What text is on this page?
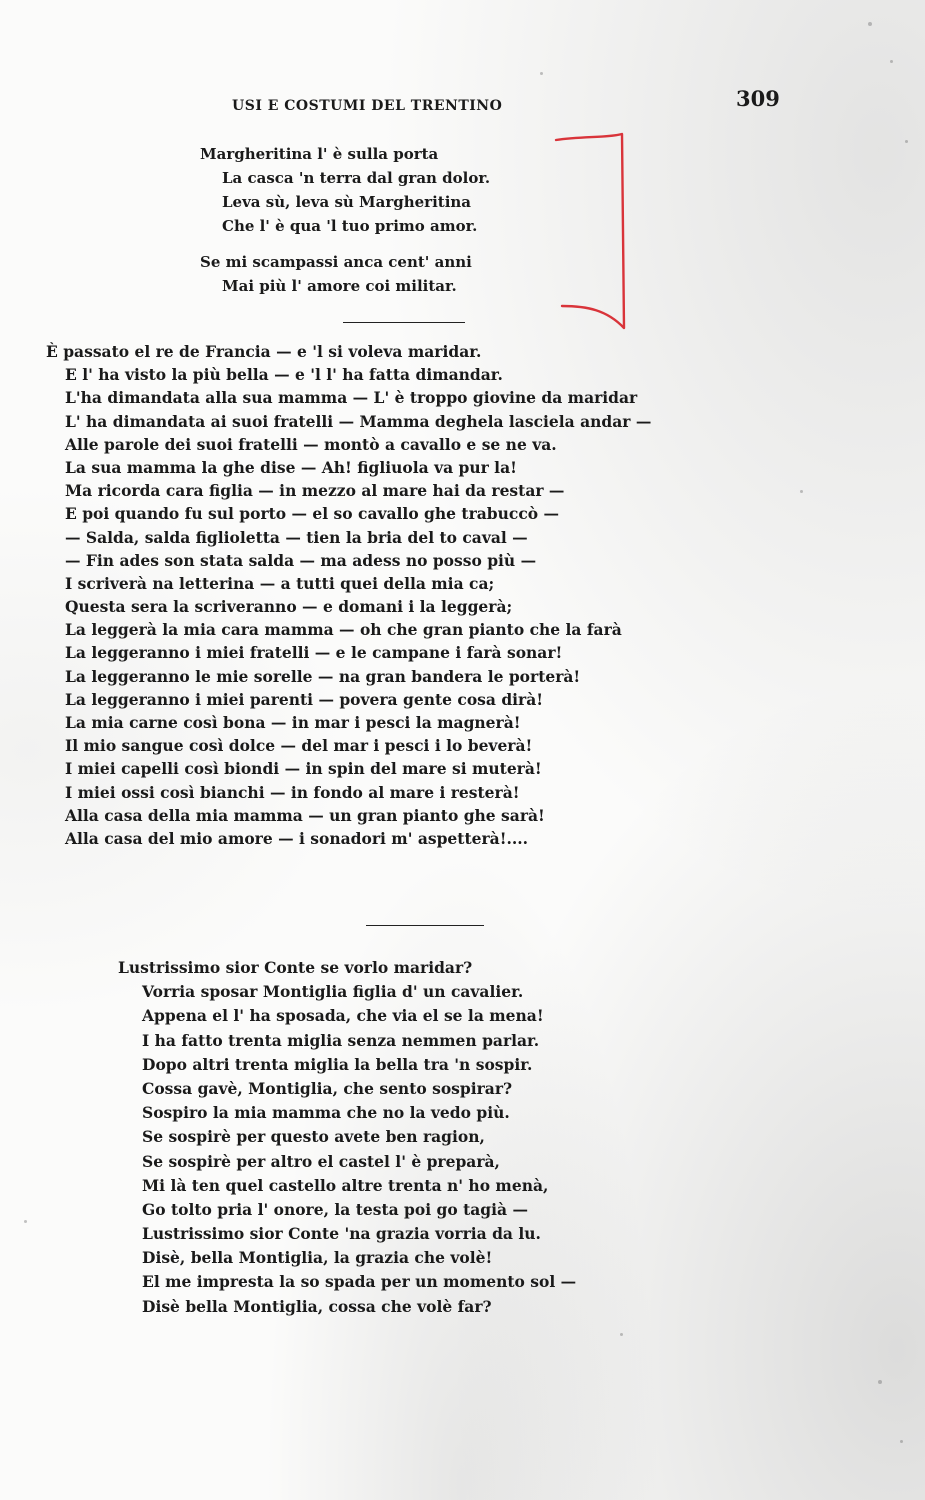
USI E COSTUMI DEL TRENTINO	309
Margheritina l' è sulla porta
La casca 'n terra dal gran dolor.
Leva sù, leva sù Margheritina
Che l' è qua 'l tuo primo amor.
Se mi scampassi anca cent' anni
Mai più l' amore coi militar.
È passato el re de Francia — e 'l si voleva maridar.
E l' ha visto la più bella — e 'l l' ha fatta dimandar.
L'ha dimandata alla sua mamma — L' è troppo giovine da maridar
L' ha dimandata ai suoi fratelli — Mamma deghela lasciela andar —
Alle parole dei suoi fratelli — montò a cavallo e se ne va.
La sua mamma la ghe dise — Ah! figliuola va pur la!
Ma ricorda cara figlia — in mezzo al mare hai da restar —
E poi quando fu sul porto — el so cavallo ghe trabuccò —
— Salda, salda figlioletta — tien la bria del to caval —
— Fin ades son stata salda — ma adess no posso più —
I scriverà na letterina — a tutti quei della mia ca;
Questa sera la scriveranno — e domani i la leggerà;
La leggerà la mia cara mamma — oh che gran pianto che la farà
La leggeranno i miei fratelli — e le campane i farà sonar!
La leggeranno le mie sorelle — na gran bandera le porterà!
La leggeranno i miei parenti — povera gente cosa dirà!
La mia carne così bona — in mar i pesci la magnerà!
Il mio sangue così dolce — del mar i pesci i lo beverà!
I miei capelli così biondi — in spin del mare si muterà!
I miei ossi così bianchi — in fondo al mare i resterà!
Alla casa della mia mamma — un gran pianto ghe sarà!
Alla casa del mio amore — i sonadori m' aspetterà!....
Lustrissimo sior Conte se vorlo maridar?
Vorria sposar Montiglia figlia d' un cavalier.
Appena el l' ha sposada, che via el se la mena!
I ha fatto trenta miglia senza nemmen parlar.
Dopo altri trenta miglia la bella tra 'n sospir.
Cossa gavè, Montiglia, che sento sospirar?
Sospiro la mia mamma che no la vedo più.
Se sospirè per questo avete ben ragion,
Se sospirè per altro el castel l' è preparà,
Mi là ten quel castello altre trenta n' ho menà,
Go tolto pria l' onore, la testa poi go tagià —
Lustrissimo sior Conte 'na grazia vorria da lu.
Disè, bella Montiglia, la grazia che volè!
El me impresta la so spada per un momento sol —
Disè bella Montiglia, cossa che volè far?
